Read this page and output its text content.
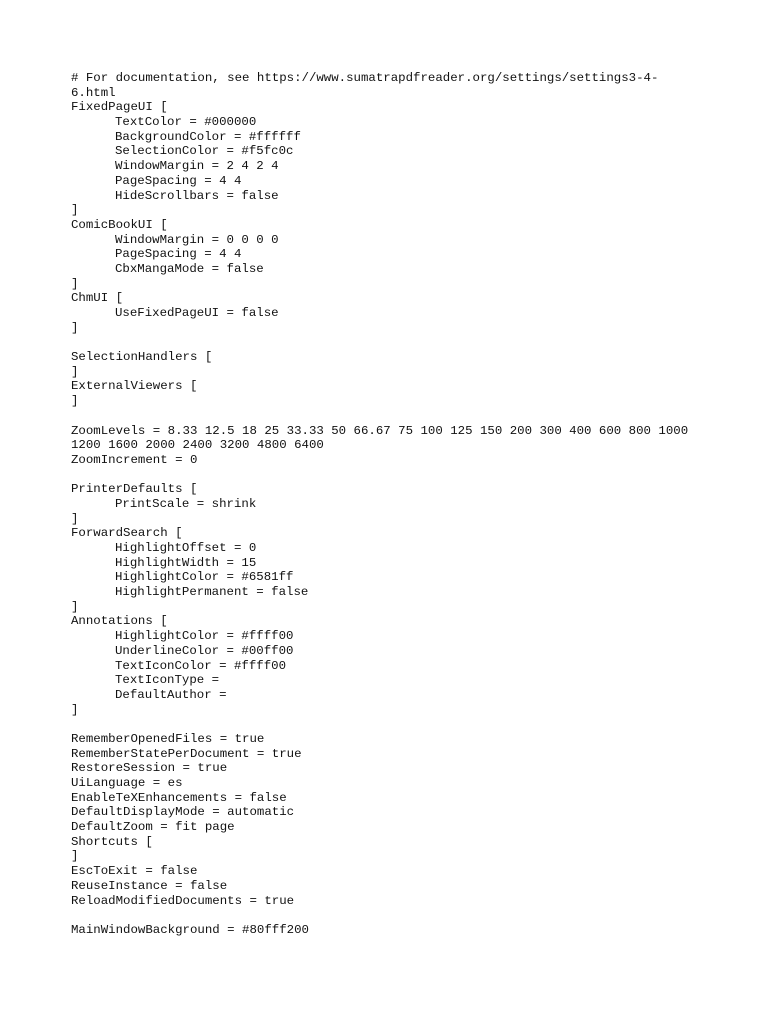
# For documentation, see https://www.sumatrapdfreader.org/settings/settings3-4-
6.html
FixedPageUI [
TextColor = #000000
BackgroundColor = #ffffff
SelectionColor = #f5fc0c
WindowMargin = 2 4 2 4
PageSpacing = 4 4
HideScrollbars = false
]
ComicBookUI [
WindowMargin = 0 0 0 0
PageSpacing = 4 4
CbxMangaMode = false
]
ChmUI [
UseFixedPageUI = false
]
SelectionHandlers [
]
ExternalViewers [
]
ZoomLevels = 8.33 12.5 18 25 33.33 50 66.67 75 100 125 150 200 300 400 600 800 1000
1200 1600 2000 2400 3200 4800 6400
ZoomIncrement = 0
PrinterDefaults [
PrintScale = shrink
]
ForwardSearch [
HighlightOffset = 0
HighlightWidth = 15
HighlightColor = #6581ff
HighlightPermanent = false
]
Annotations [
HighlightColor = #ffff00
UnderlineColor = #00ff00
TextIconColor = #ffff00
TextIconType =
DefaultAuthor =
]
RememberOpenedFiles = true
RememberStatePerDocument = true
RestoreSession = true
UiLanguage = es
EnableTeXEnhancements = false
DefaultDisplayMode = automatic
DefaultZoom = fit page
Shortcuts [
]
EscToExit = false
ReuseInstance = false
ReloadModifiedDocuments = true
MainWindowBackground = #80fff200
